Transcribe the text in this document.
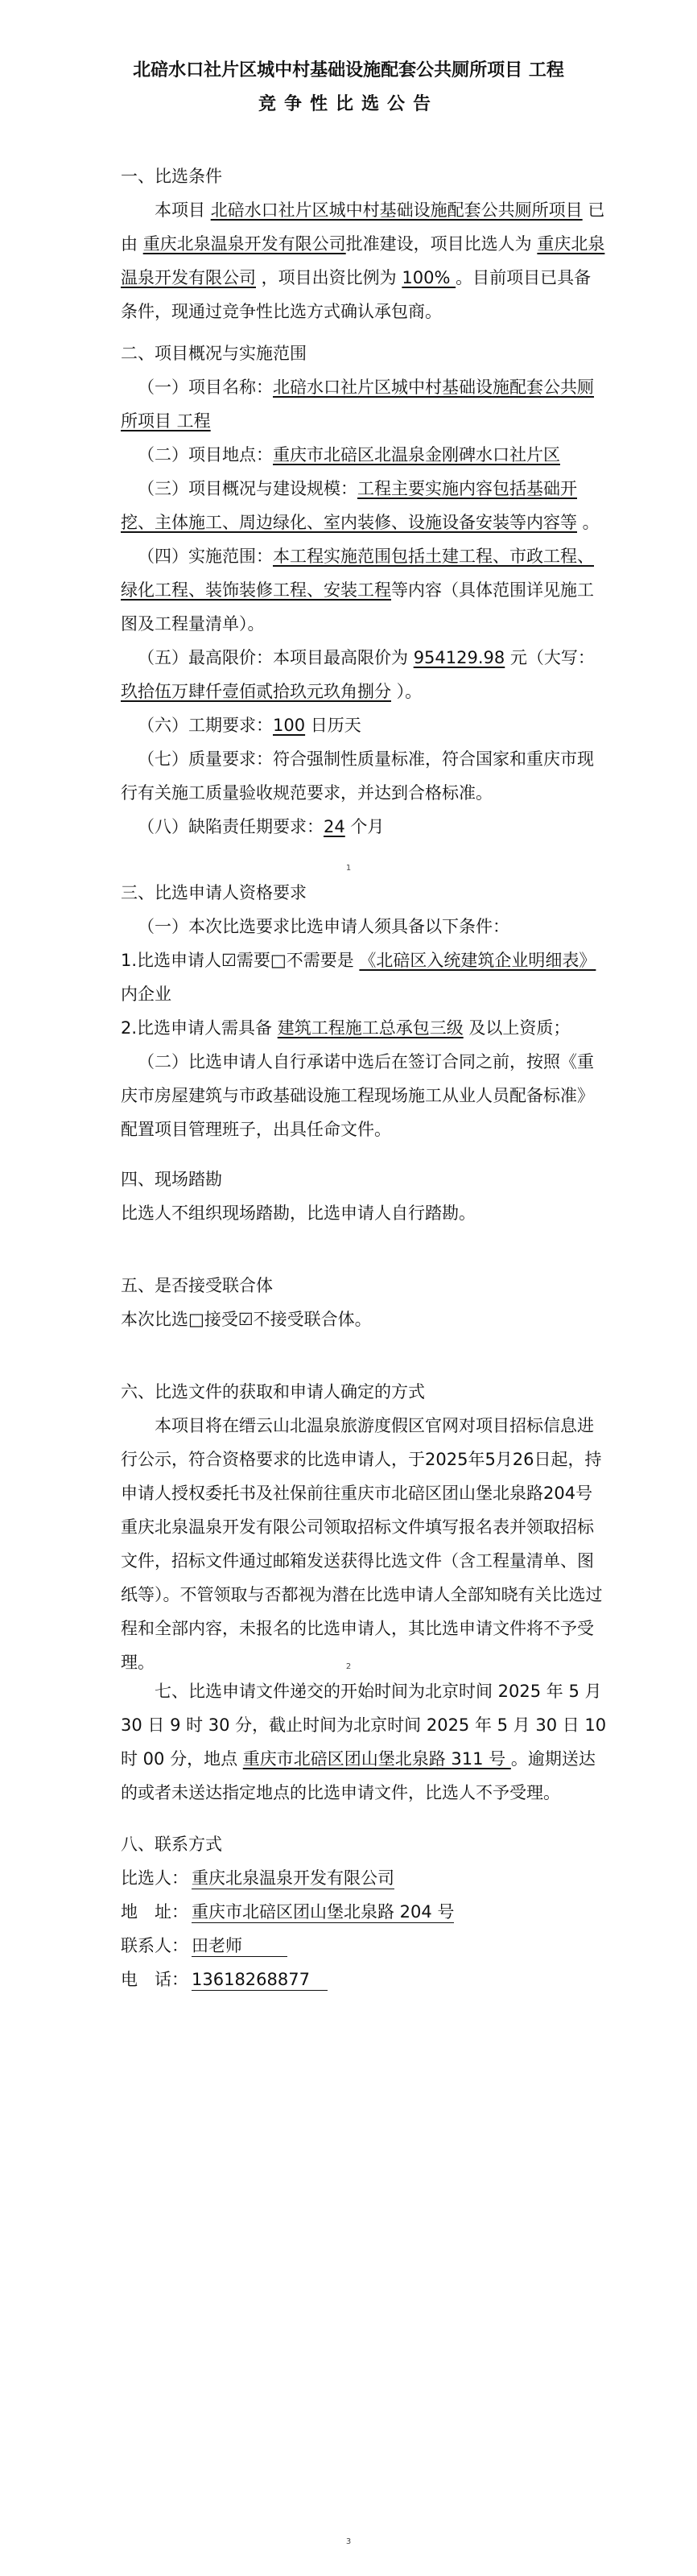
北碚水口社片区城中村基础设施配套公共厕所项目 工程
竞争性比选公告
一、比选条件

本项目 北碚水口社片区城中村基础设施配套公共厕所项目 已由 重庆北泉温泉开发有限公司批准建设，项目比选人为 重庆北泉温泉开发有限公司 ，项目出资比例为 100% 。目前项目已具备条件，现通过竞争性比选方式确认承包商。

二、项目概况与实施范围

（一）项目名称：北碚水口社片区城中村基础设施配套公共厕所项目 工程

（二）项目地点：重庆市北碚区北温泉金刚碑水口社片区

（三）项目概况与建设规模：工程主要实施内容包括基础开挖、主体施工、周边绿化、室内装修、设施设备安装等内容等 。

（四）实施范围：本工程实施范围包括土建工程、市政工程、绿化工程、装饰装修工程、安装工程等内容（具体范围详见施工图及工程量清单）。

（五）最高限价：本项目最高限价为 954129.98 元（大写：玖拾伍万肆仟壹佰贰拾玖元玖角捌分 ）。

（六）工期要求：100 日历天

（七）质量要求：符合强制性质量标准，符合国家和重庆市现行有关施工质量验收规范要求，并达到合格标准。

（八）缺陷责任期要求：24 个月

1
三、比选申请人资格要求

（一）本次比选要求比选申请人须具备以下条件：

1.比选申请人☑需要□不需要是 《北碚区入统建筑企业明细表》 内企业

2.比选申请人需具备 建筑工程施工总承包三级 及以上资质；

（二）比选申请人自行承诺中选后在签订合同之前，按照《重庆市房屋建筑与市政基础设施工程现场施工从业人员配备标准》配置项目管理班子，出具任命文件。

四、现场踏勘
比选人不组织现场踏勘，比选申请人自行踏勘。
五、是否接受联合体
本次比选□接受☑不接受联合体。
六、比选文件的获取和申请人确定的方式

本项目将在缙云山北温泉旅游度假区官网对项目招标信息进行公示，符合资格要求的比选申请人，于2025年5月26日起，持申请人授权委托书及社保前往重庆市北碚区团山堡北泉路204号重庆北泉温泉开发有限公司领取招标文件填写报名表并领取招标文件，招标文件通过邮箱发送获得比选文件（含工程量清单、图纸等）。不管领取与否都视为潜在比选申请人全部知晓有关比选过程和全部内容，未报名的比选申请人，其比选申请文件将不予受理。	2

七、比选申请文件递交的开始时间为北京时间 2025 年 5 月 30 日 9 时 30 分，截止时间为北京时间 2025 年 5 月 30 日 10 时 00 分，地点 重庆市北碚区团山堡北泉路 311 号 。逾期送达的或者未送达指定地点的比选申请文件，比选人不予受理。

八、联系方式
比选人： 重庆北泉温泉开发有限公司
地　址： 重庆市北碚区团山堡北泉路 204 号
联系人： 田老师
电　话： 13618268877
3
